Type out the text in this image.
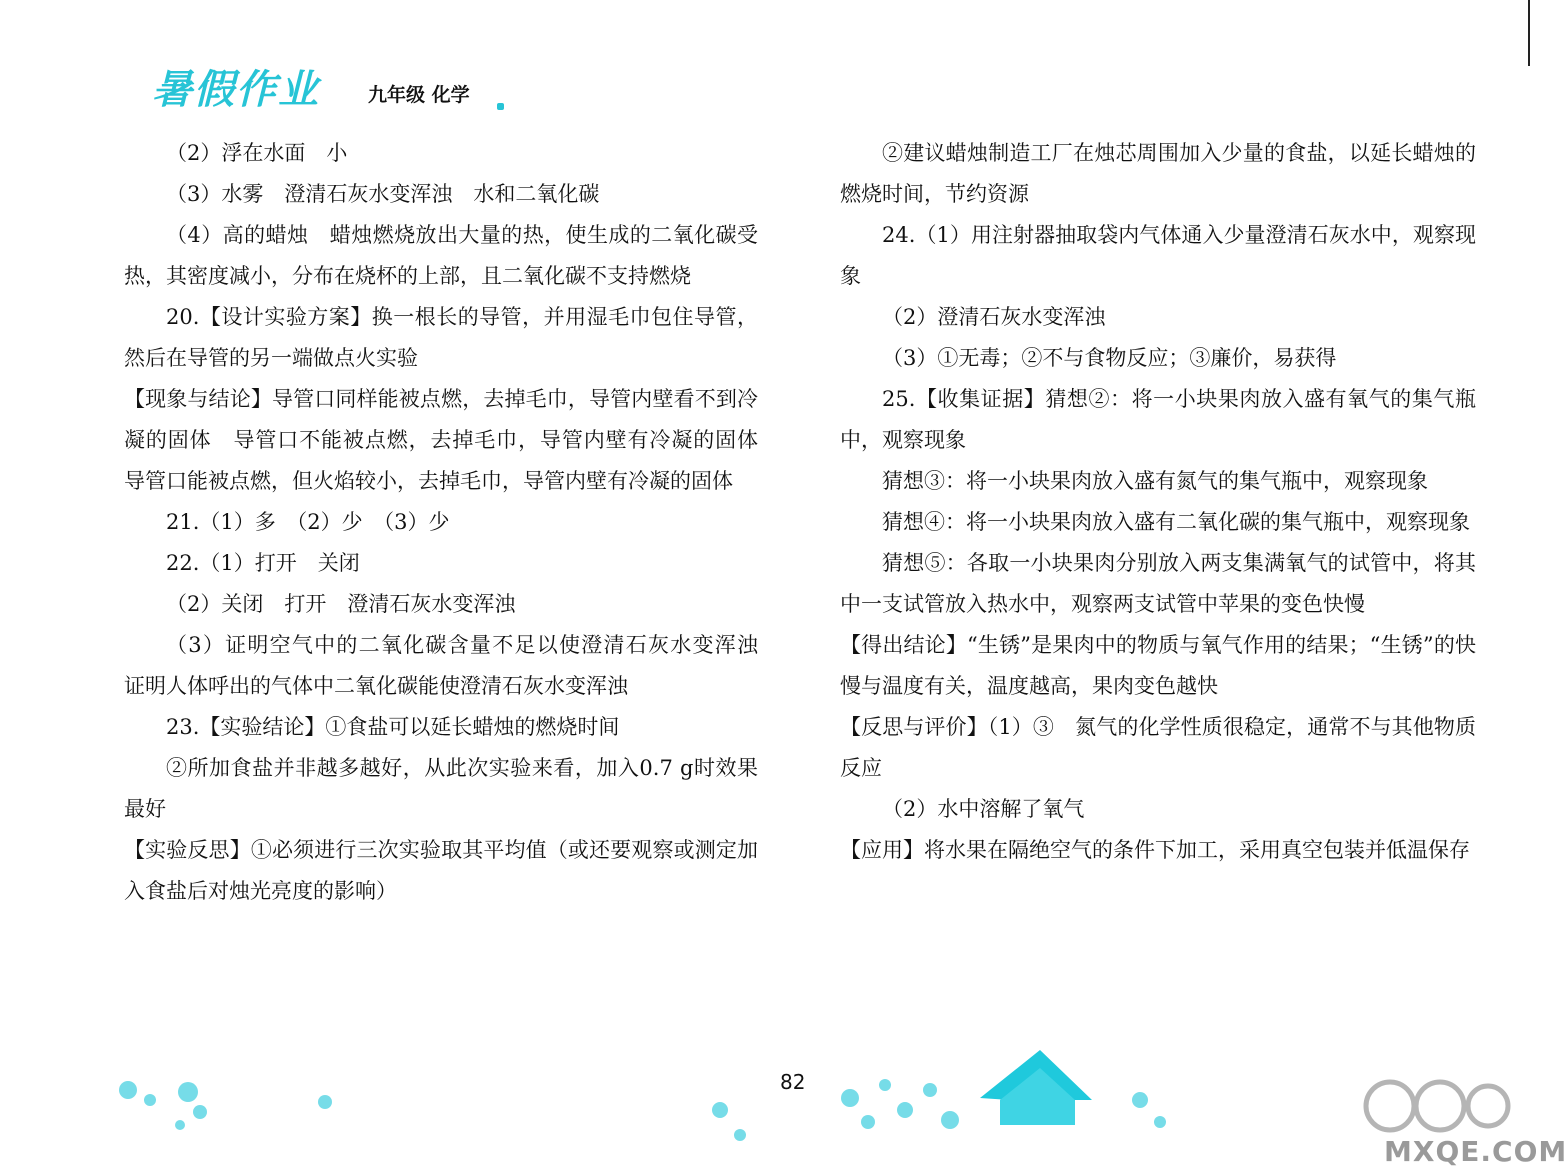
暑假作业	九年级 化学

（2）浮在水面　小

（3）水雾　澄清石灰水变浑浊　水和二氧化碳

（4）高的蜡烛　蜡烛燃烧放出大量的热，使生成的二氧化碳受热，其密度减小，分布在烧杯的上部，且二氧化碳不支持燃烧

20.【设计实验方案】换一根长的导管，并用湿毛巾包住导管，然后在导管的另一端做点火实验

【现象与结论】导管口同样能被点燃，去掉毛巾，导管内壁看不到冷凝的固体　导管口不能被点燃，去掉毛巾，导管内壁有冷凝的固体　导管口能被点燃，但火焰较小，去掉毛巾，导管内壁有冷凝的固体

21.（1）多　（2）少　（3）少

22.（1）打开　关闭

（2）关闭　打开　澄清石灰水变浑浊

（3）证明空气中的二氧化碳含量不足以使澄清石灰水变浑浊　证明人体呼出的气体中二氧化碳能使澄清石灰水变浑浊

23.【实验结论】①食盐可以延长蜡烛的燃烧时间

②所加食盐并非越多越好，从此次实验来看，加入0.7 g时效果最好

【实验反思】①必须进行三次实验取其平均值（或还要观察或测定加入食盐后对烛光亮度的影响）

②建议蜡烛制造工厂在烛芯周围加入少量的食盐，以延长蜡烛的燃烧时间，节约资源

24.（1）用注射器抽取袋内气体通入少量澄清石灰水中，观察现象

（2）澄清石灰水变浑浊

（3）①无毒；②不与食物反应；③廉价，易获得

25.【收集证据】猜想②：将一小块果肉放入盛有氧气的集气瓶中，观察现象

猜想③：将一小块果肉放入盛有氮气的集气瓶中，观察现象

猜想④：将一小块果肉放入盛有二氧化碳的集气瓶中，观察现象

猜想⑤：各取一小块果肉分别放入两支集满氧气的试管中，将其中一支试管放入热水中，观察两支试管中苹果的变色快慢

【得出结论】“生锈”是果肉中的物质与氧气作用的结果；“生锈”的快慢与温度有关，温度越高，果肉变色越快

【反思与评价】（1）③　氮气的化学性质很稳定，通常不与其他物质反应

（2）水中溶解了氧气

【应用】将水果在隔绝空气的条件下加工，采用真空包装并低温保存

82
MXQE.COM
